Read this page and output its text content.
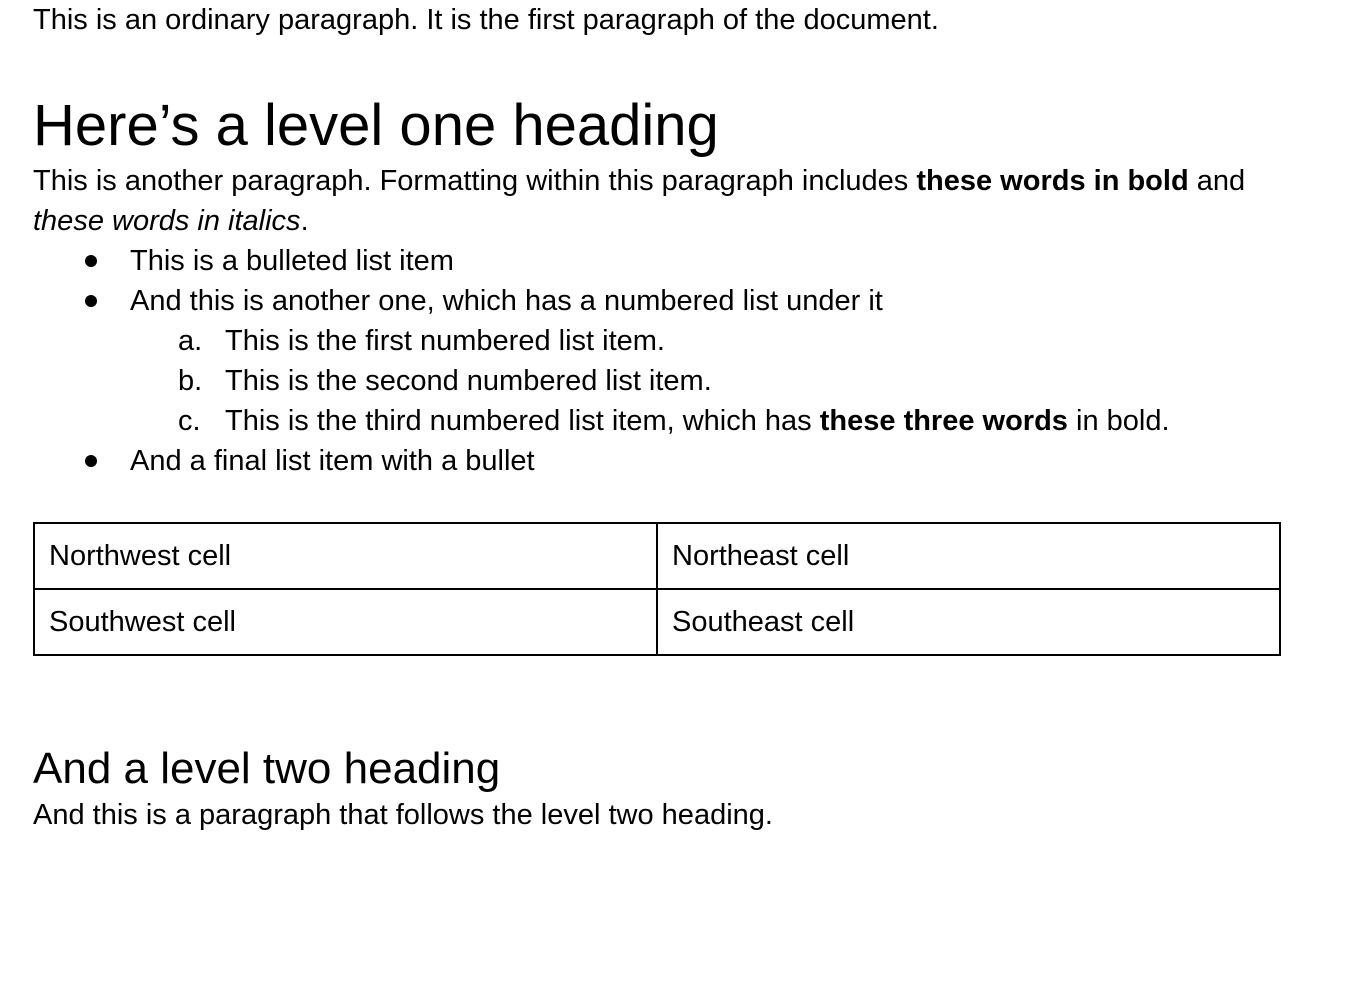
This is an ordinary paragraph. It is the first paragraph of the document.

Here’s a level one heading

This is another paragraph. Formatting within this paragraph includes these words in bold and these words in italics.

This is a bulleted list item
And this is another one, which has a numbered list under it
a. This is the first numbered list item.
b. This is the second numbered list item.
c. This is the third numbered list item, which has these three words in bold.
And a final list item with a bullet
Northwest cell	Northeast cell
Southwest cell	Southeast cell
And a level two heading

And this is a paragraph that follows the level two heading.
